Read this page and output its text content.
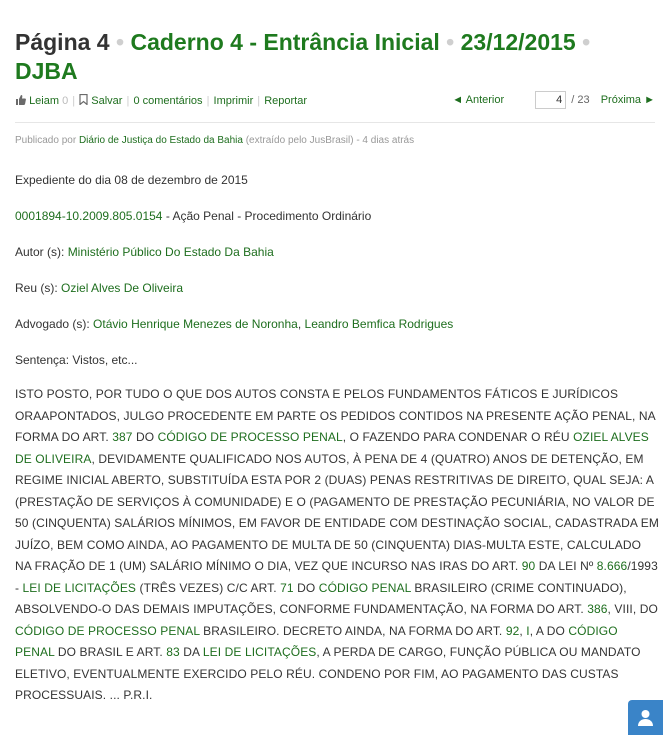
Página 4 • Caderno 4 - Entrância Inicial • 23/12/2015 • DJBA
Leiam 0 | Salvar | 0 comentários | Imprimir | Reportar	◄ Anterior	4 / 23 Próxima ►
Publicado por Diário de Justiça do Estado da Bahia (extraído pelo JusBrasil) - 4 dias atrás
Expediente do dia 08 de dezembro de 2015
0001894-10.2009.805.0154 - Ação Penal - Procedimento Ordinário
Autor (s): Ministério Público Do Estado Da Bahia
Reu (s): Oziel Alves De Oliveira
Advogado (s): Otávio Henrique Menezes de Noronha, Leandro Bemfica Rodrigues
Sentença: Vistos, etc...
ISTO POSTO, POR TUDO O QUE DOS AUTOS CONSTA E PELOS FUNDAMENTOS FÁTICOS E JURÍDICOS ORAAPONTADOS, JULGO PROCEDENTE EM PARTE OS PEDIDOS CONTIDOS NA PRESENTE AÇÃO PENAL, NA FORMA DO ART. 387 DO CÓDIGO DE PROCESSO PENAL, O FAZENDO PARA CONDENAR O RÉU OZIEL ALVES DE OLIVEIRA, DEVIDAMENTE QUALIFICADO NOS AUTOS, À PENA DE 4 (QUATRO) ANOS DE DETENÇÃO, EM REGIME INICIAL ABERTO, SUBSTITUÍDA ESTA POR 2 (DUAS) PENAS RESTRITIVAS DE DIREITO, QUAL SEJA: A (PRESTAÇÃO DE SERVIÇOS À COMUNIDADE) E O (PAGAMENTO DE PRESTAÇÃO PECUNIÁRIA, NO VALOR DE 50 (CINQUENTA) SALÁRIOS MÍNIMOS, EM FAVOR DE ENTIDADE COM DESTINAÇÃO SOCIAL, CADASTRADA EM JUÍZO, BEM COMO AINDA, AO PAGAMENTO DE MULTA DE 50 (CINQUENTA) DIAS-MULTA ESTE, CALCULADO NA FRAÇÃO DE 1 (UM) SALÁRIO MÍNIMO O DIA, VEZ QUE INCURSO NAS IRAS DO ART. 90 DA LEI Nº 8.666/1993 - LEI DE LICITAÇÕES (TRÊS VEZES) C/C ART. 71 DO CÓDIGO PENAL BRASILEIRO (CRIME CONTINUADO), ABSOLVENDO-O DAS DEMAIS IMPUTAÇÕES, CONFORME FUNDAMENTAÇÃO, NA FORMA DO ART. 386, VIII, DO CÓDIGO DE PROCESSO PENAL BRASILEIRO. DECRETO AINDA, NA FORMA DO ART. 92, I, A DO CÓDIGO PENAL DO BRASIL E ART. 83 DA LEI DE LICITAÇÕES, A PERDA DE CARGO, FUNÇÃO PÚBLICA OU MANDATO ELETIVO, EVENTUALMENTE EXERCIDO PELO RÉU. CONDENO POR FIM, AO PAGAMENTO DAS CUSTAS PROCESSUAIS. ... P.R.I.
